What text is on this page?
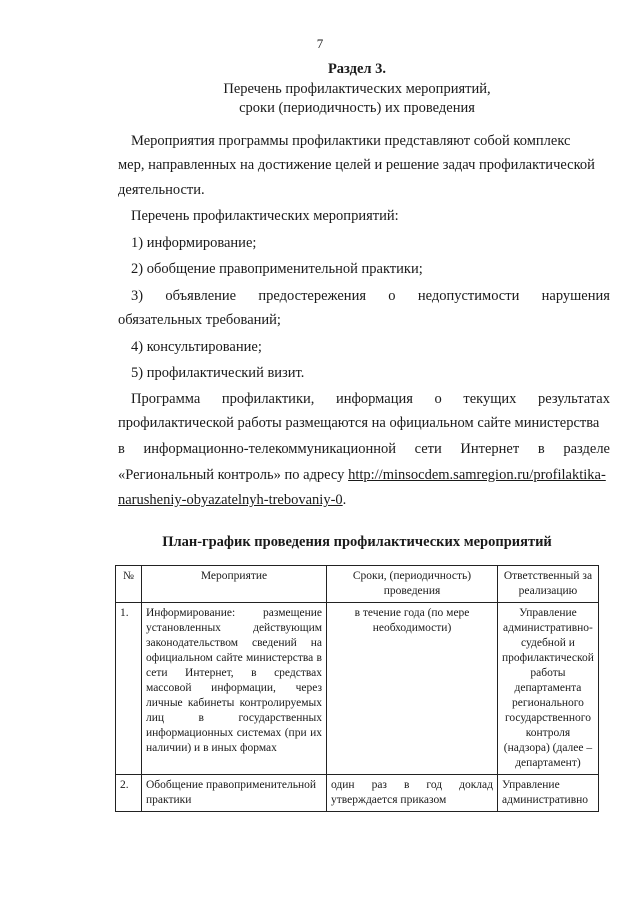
7
Раздел 3.
Перечень профилактических мероприятий,
сроки (периодичность) их проведения
Мероприятия программы профилактики представляют собой комплекс
мер, направленных на достижение целей и решение задач профилактической
деятельности.
Перечень профилактических мероприятий:
1) информирование;
2) обобщение правоприменительной практики;
3) объявление предостережения о недопустимости нарушения
обязательных требований;
4) консультирование;
5) профилактический визит.
Программа профилактики, информация о текущих результатах
профилактической работы размещаются на официальном сайте министерства
в информационно-телекоммуникационной сети Интернет в разделе
«Региональный контроль» по адресу http://minsocdem.samregion.ru/profilaktika-
narusheniy-obyazatelnyh-trebovaniy-0.
План-график проведения профилактических мероприятий
№	Мероприятие	Сроки, (периодичность) проведения	Ответственный за реализацию
1.	Информирование: размещение установленных действующим законодательством сведений на официальном сайте министерства в сети Интернет, в средствах массовой информации, через личные кабинеты контролируемых лиц в государственных информационных системах (при их наличии) и в иных формах	в течение года (по мере необходимости)	Управление административно-судебной и профилактической работы департамента регионального государственного контроля (надзора) (далее – департамент)
2.	Обобщение правоприменительной практики	один раз в год доклад утверждается приказом	Управление административно
